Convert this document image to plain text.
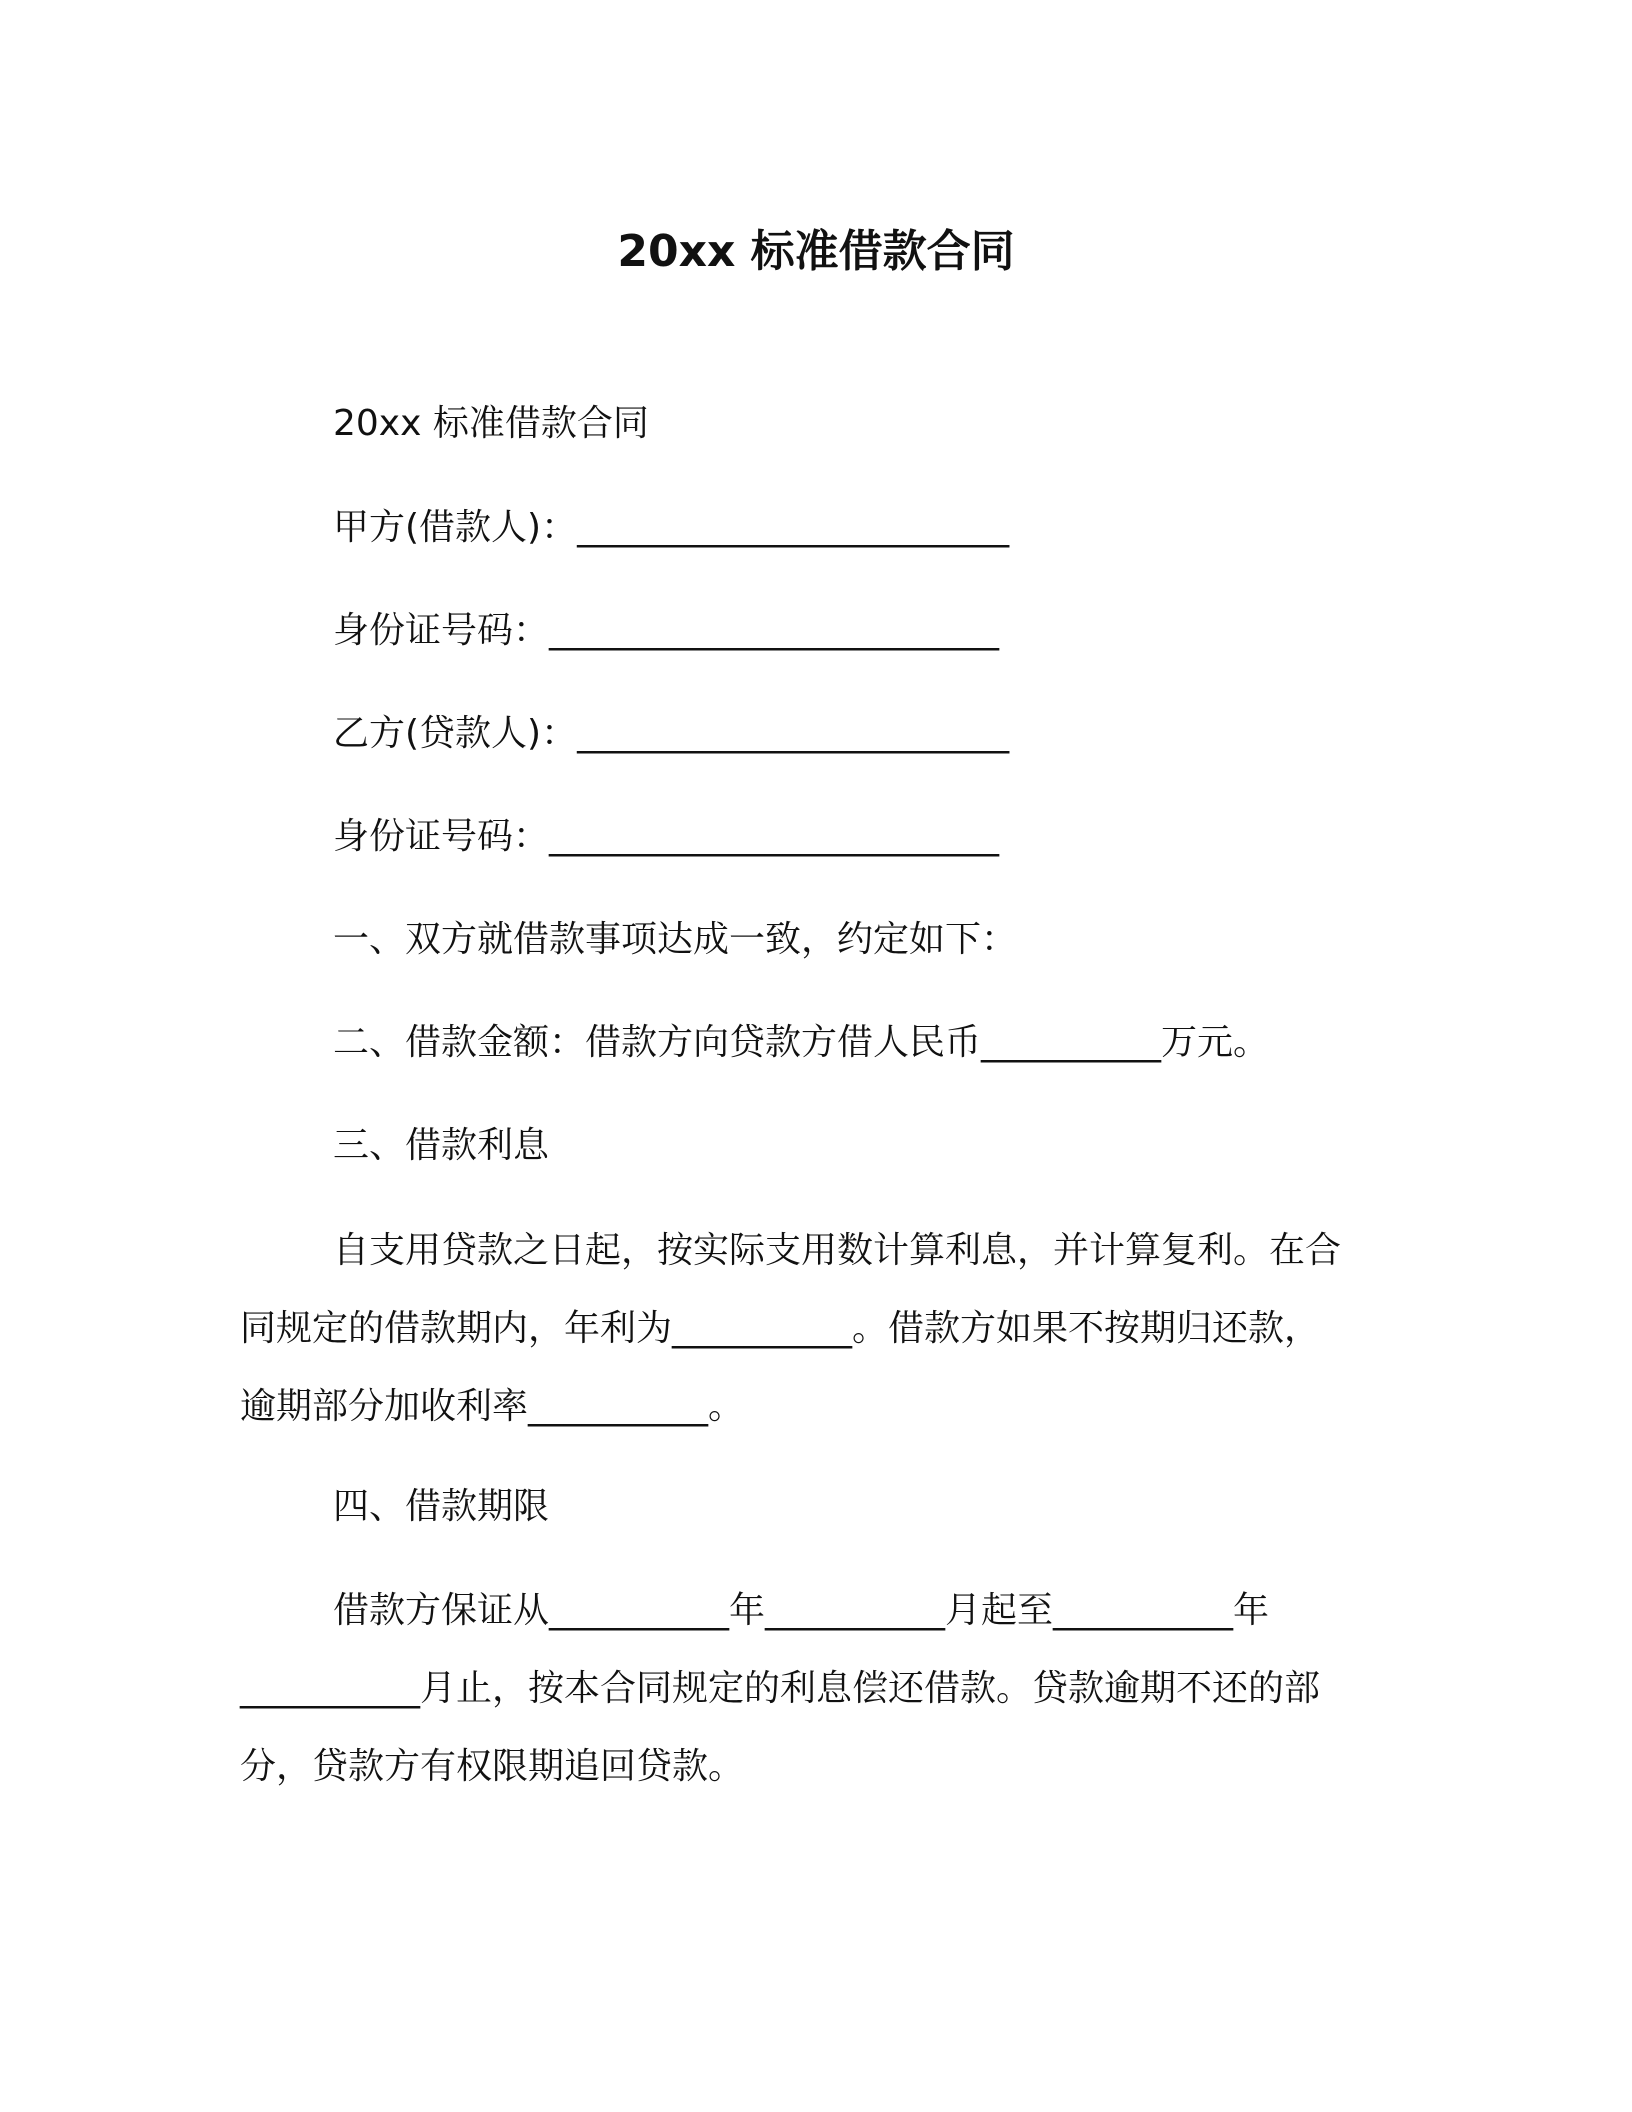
20xx 标准借款合同

20xx 标准借款合同

甲方(借款人)：________________________

身份证号码：_________________________

乙方(贷款人)：________________________

身份证号码：_________________________

一、双方就借款事项达成一致，约定如下：

二、借款金额：借款方向贷款方借人民币__________万元。

三、借款利息

自支用贷款之日起，按实际支用数计算利息，并计算复利。在合
同规定的借款期内，年利为__________。借款方如果不按期归还款，
逾期部分加收利率__________。

四、借款期限

借款方保证从__________年__________月起至__________年
__________月止，按本合同规定的利息偿还借款。贷款逾期不还的部
分，贷款方有权限期追回贷款。
